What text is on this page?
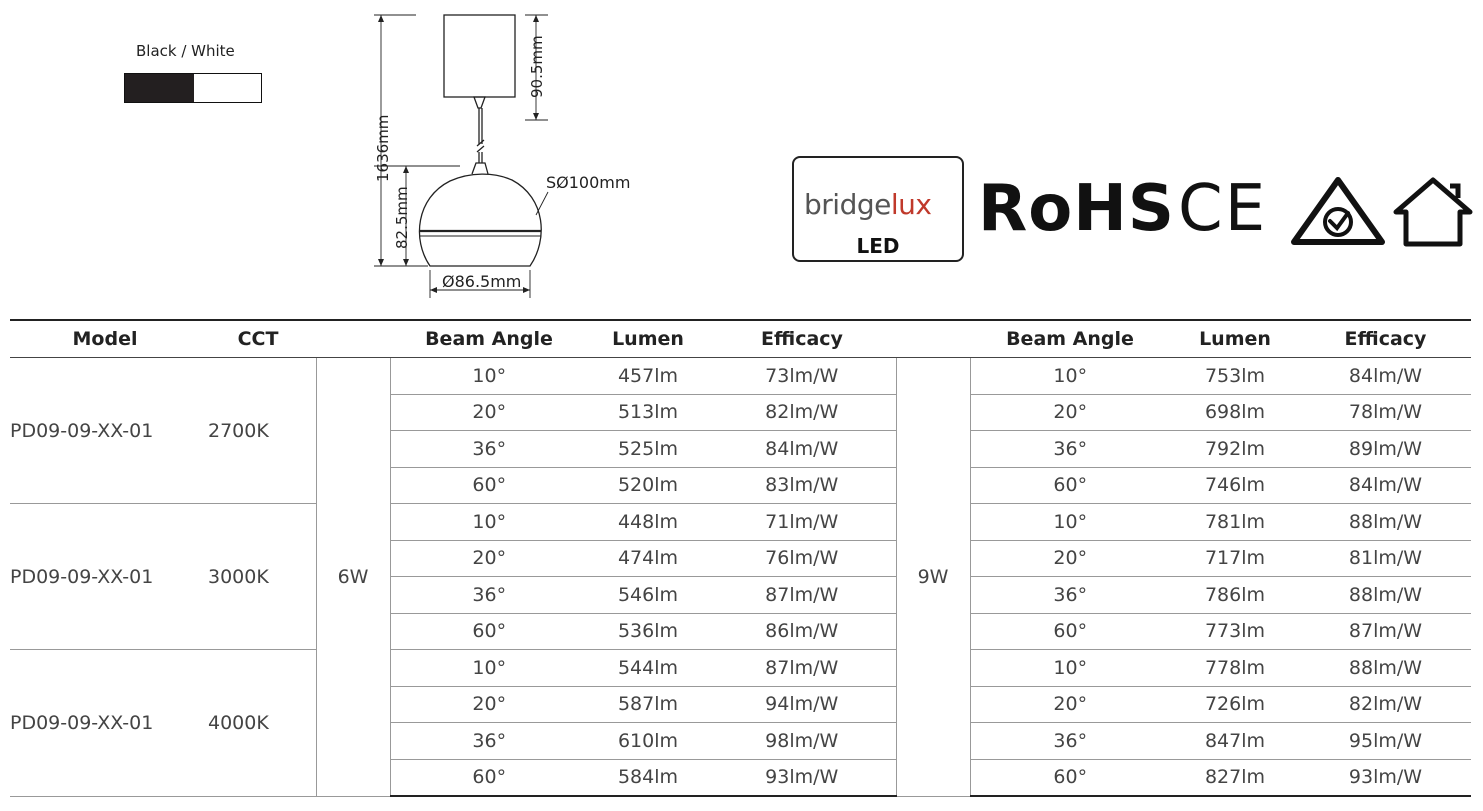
Black / White
1636mm
82.5mm
90.5mm
SØ100mm
Ø86.5mm
bridgelux
LED	RoHS CE
Model	CCT		Beam Angle	Lumen	Efficacy		Beam Angle	Lumen	Efficacy
PD09-09-XX-01	2700K	6W	10°	457lm	73lm/W	9W	10°	753lm	84lm/W
			20°	513lm	82lm/W		20°	698lm	78lm/W
			36°	525lm	84lm/W		36°	792lm	89lm/W
			60°	520lm	83lm/W		60°	746lm	84lm/W
PD09-09-XX-01	3000K		10°	448lm	71lm/W		10°	781lm	88lm/W
			20°	474lm	76lm/W		20°	717lm	81lm/W
			36°	546lm	87lm/W		36°	786lm	88lm/W
			60°	536lm	86lm/W		60°	773lm	87lm/W
PD09-09-XX-01	4000K		10°	544lm	87lm/W		10°	778lm	88lm/W
			20°	587lm	94lm/W		20°	726lm	82lm/W
			36°	610lm	98lm/W		36°	847lm	95lm/W
			60°	584lm	93lm/W		60°	827lm	93lm/W
